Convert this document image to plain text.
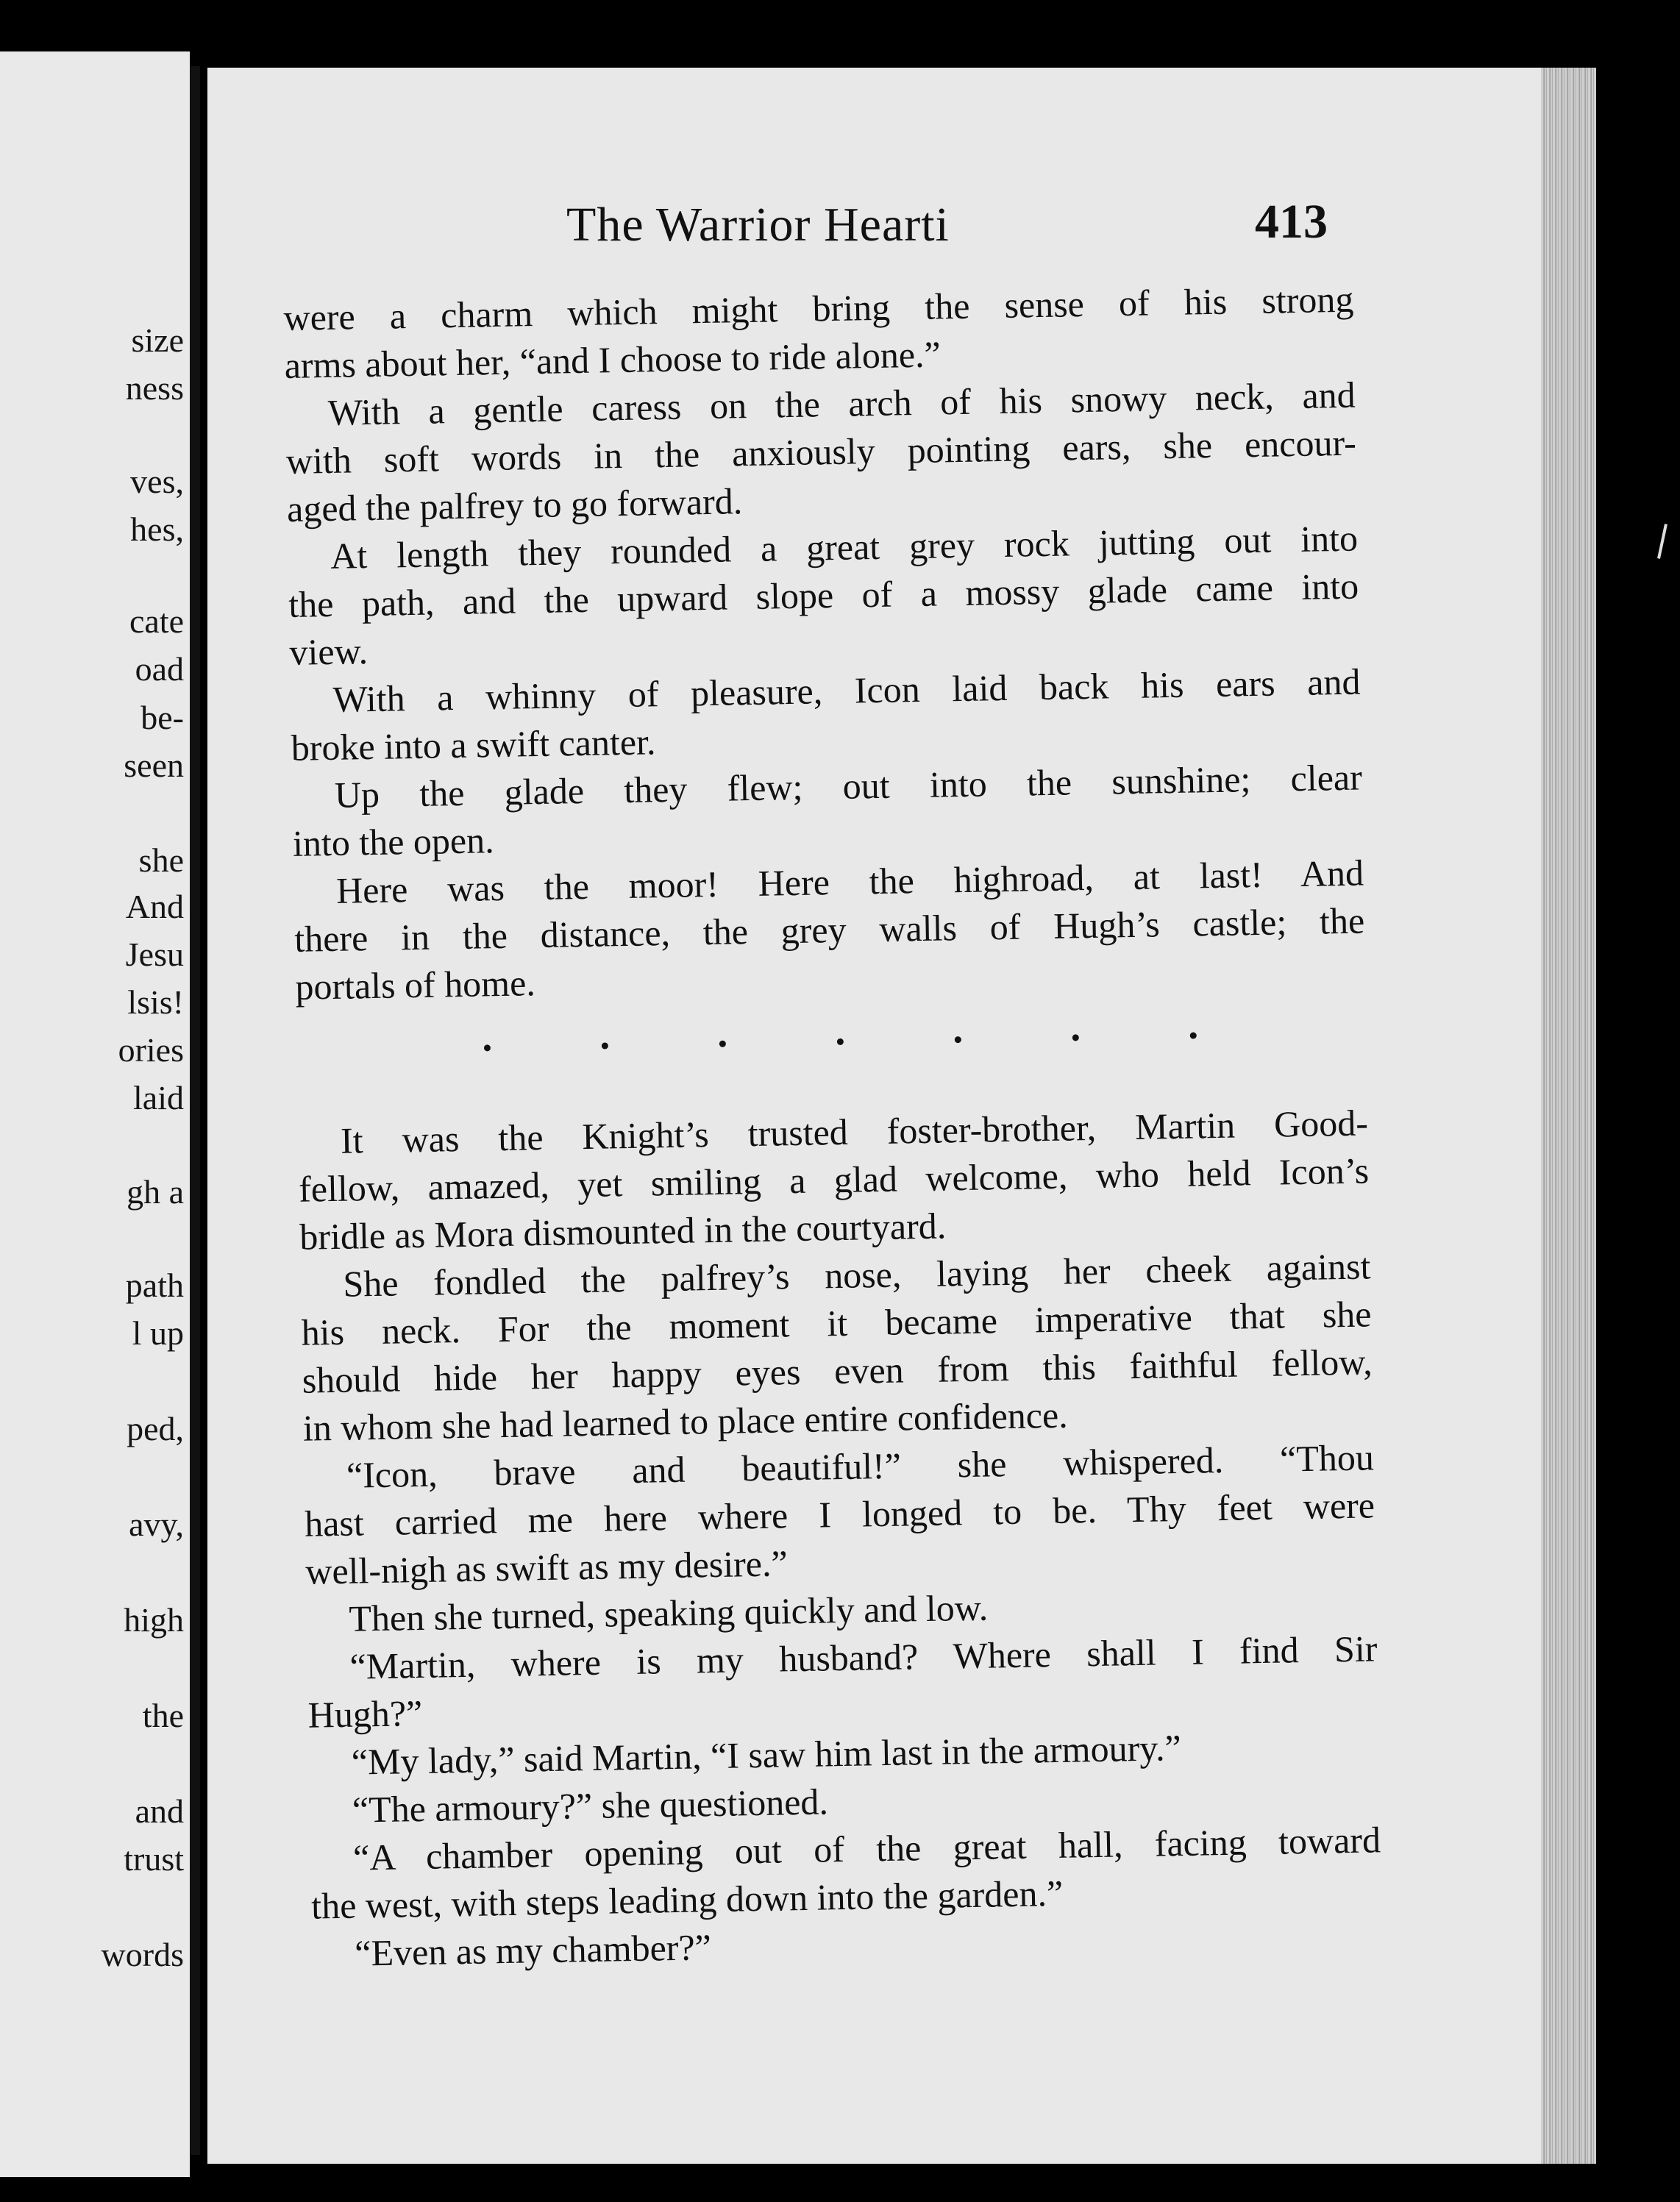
size
ness
ves,
hes,
cate
oad
be-
seen
she
And
Jesu
lsis!
ories
laid
gh a
path
l up
ped,
avy,
high
the
and
trust
words
The Warrior Hearti	413
were a charm which might bring the sense of his strong
arms about her, “and I choose to ride alone.”
With a gentle caress on the arch of his snowy neck, and
with soft words in the anxiously pointing ears, she encour-
aged the palfrey to go forward.
At length they rounded a great grey rock jutting out into
the path, and the upward slope of a mossy glade came into
view.
With a whinny of pleasure, Icon laid back his ears and
broke into a swift canter.
Up the glade they flew; out into the sunshine; clear
into the open.
Here was the moor! Here the highroad, at last! And
there in the distance, the grey walls of Hugh’s castle; the
portals of home.
It was the Knight’s trusted foster-brother, Martin Good-
fellow, amazed, yet smiling a glad welcome, who held Icon’s
bridle as Mora dismounted in the courtyard.
She fondled the palfrey’s nose, laying her cheek against
his neck. For the moment it became imperative that she
should hide her happy eyes even from this faithful fellow,
in whom she had learned to place entire confidence.
“Icon, brave and beautiful!” she whispered. “Thou
hast carried me here where I longed to be. Thy feet were
well-nigh as swift as my desire.”
Then she turned, speaking quickly and low.
“Martin, where is my husband? Where shall I find Sir
Hugh?”
“My lady,” said Martin, “I saw him last in the armoury.”
“The armoury?” she questioned.
“A chamber opening out of the great hall, facing toward
the west, with steps leading down into the garden.”
“Even as my chamber?”
